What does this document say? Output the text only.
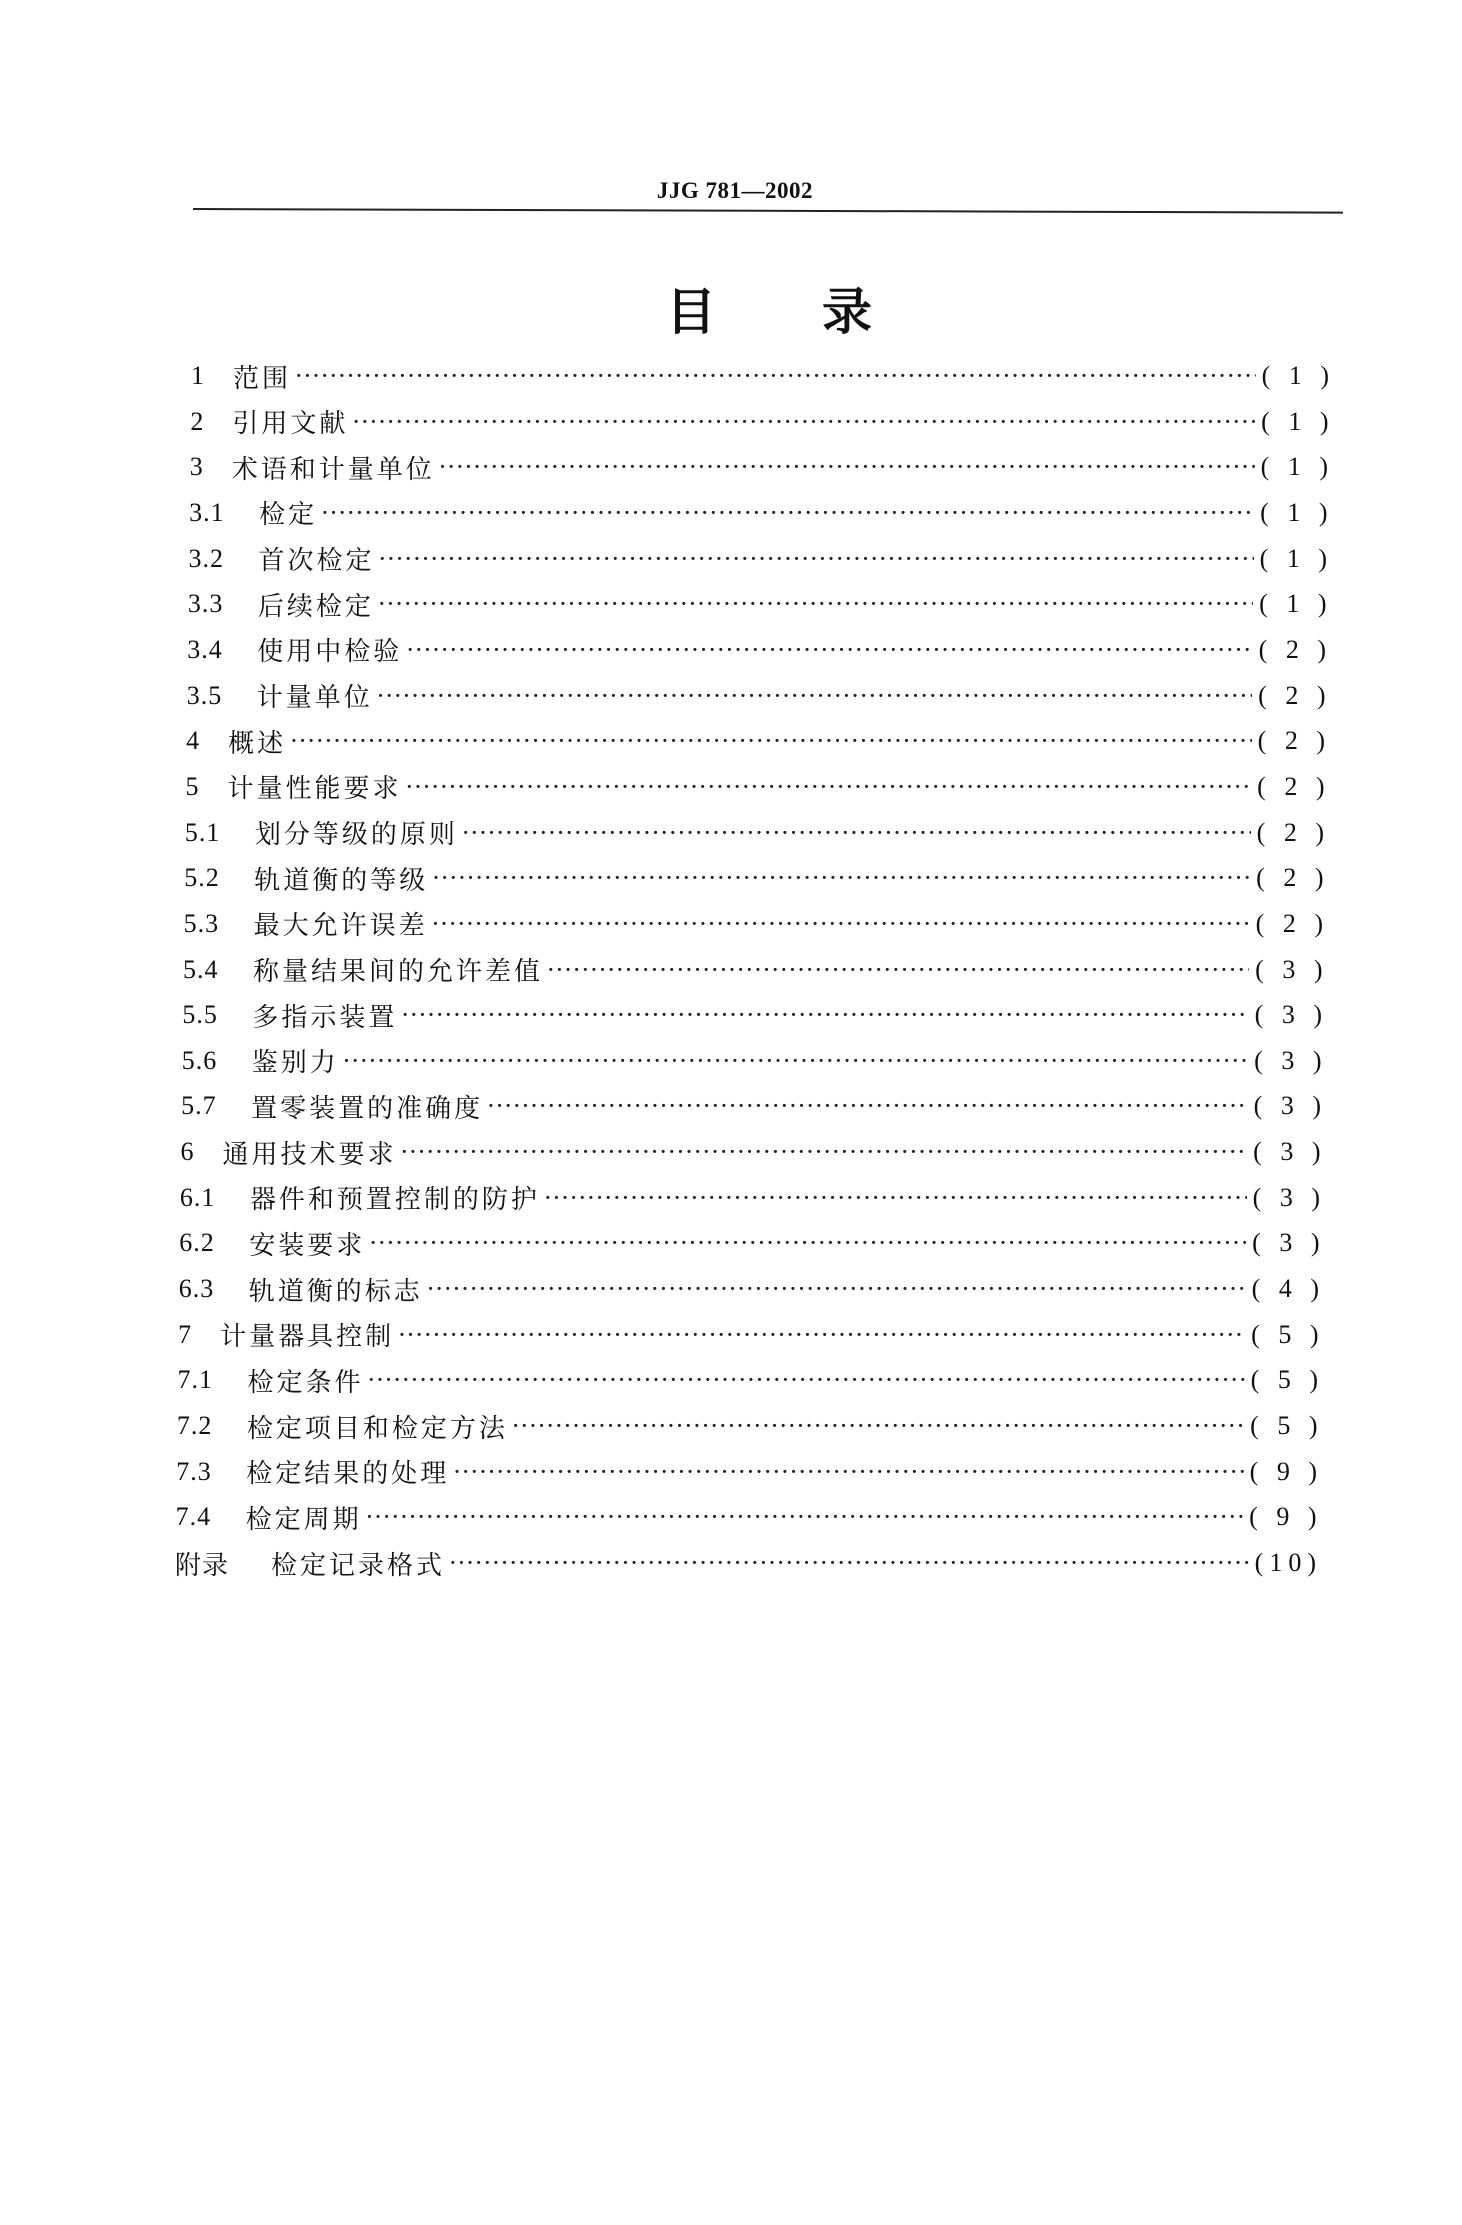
JJG 781—2002
目 录
1 范围 ·····	( 1 )
2 引用文献 ·····	( 1 )
3 术语和计量单位 ·····	( 1 )
3.1 检定 ·····	( 1 )
3.2 首次检定 ·····	( 1 )
3.3 后续检定 ·····	( 1 )
3.4 使用中检验 ·····	( 2 )
3.5 计量单位 ·····	( 2 )
4 概述 ·····	( 2 )
5 计量性能要求 ·····	( 2 )
5.1 划分等级的原则 ·····	( 2 )
5.2 轨道衡的等级 ·····	( 2 )
5.3 最大允许误差 ·····	( 2 )
5.4 称量结果间的允许差值 ·····	( 3 )
5.5 多指示装置 ·····	( 3 )
5.6 鉴别力 ·····	( 3 )
5.7 置零装置的准确度 ·····	( 3 )
6 通用技术要求 ·····	( 3 )
6.1 器件和预置控制的防护 ·····	( 3 )
6.2 安装要求 ·····	( 3 )
6.3 轨道衡的标志 ·····	( 4 )
7 计量器具控制 ·····	( 5 )
7.1 检定条件 ·····	( 5 )
7.2 检定项目和检定方法 ·····	( 5 )
7.3 检定结果的处理 ·····	( 9 )
7.4 检定周期 ·····	( 9 )
附录 检定记录格式 ·····	(10)
